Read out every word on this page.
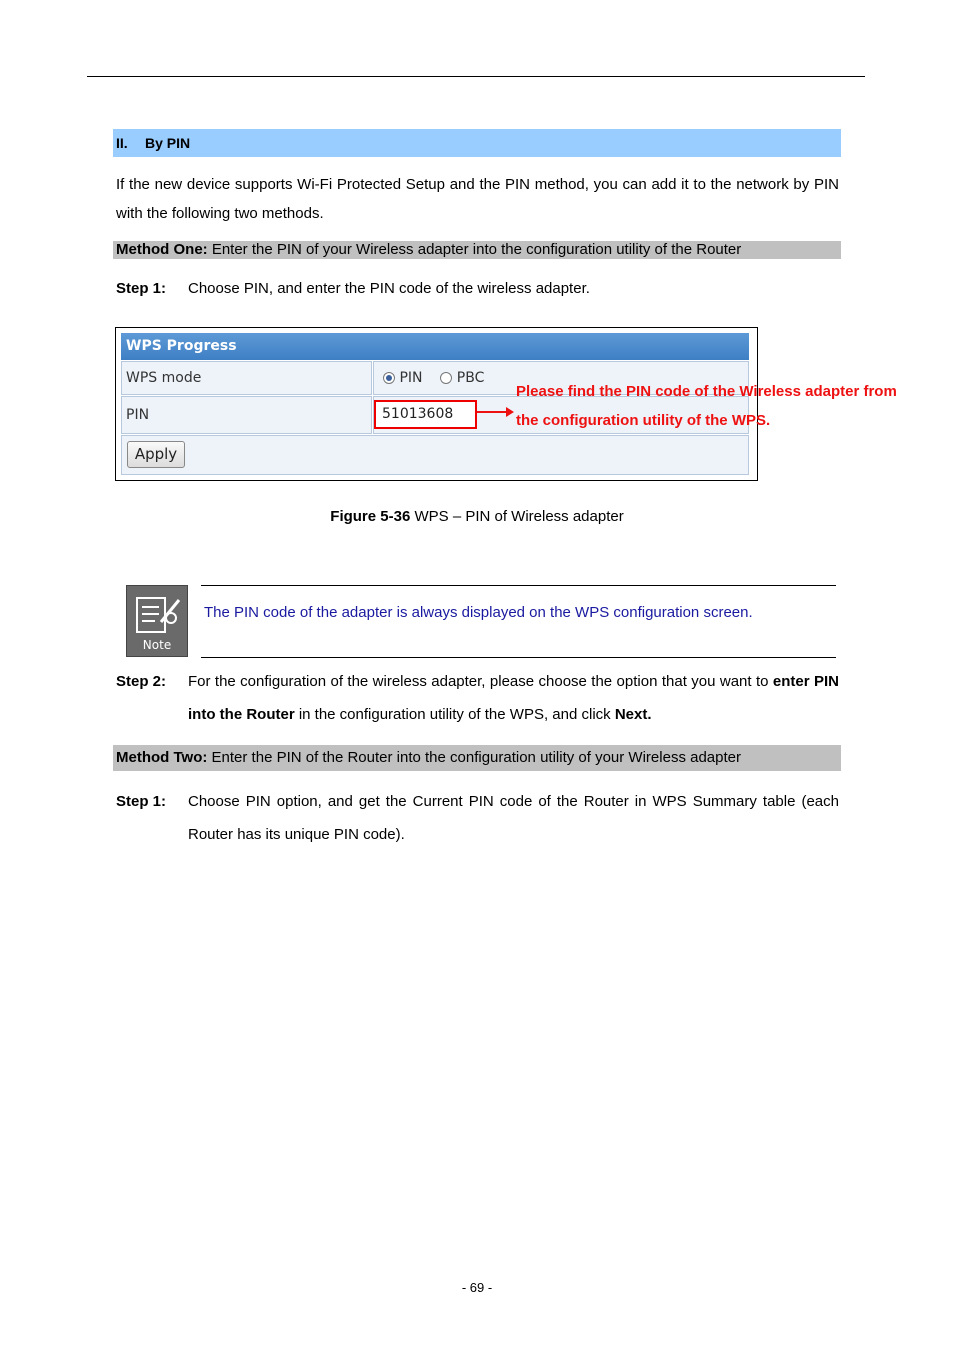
II. By PIN
If the new device supports Wi-Fi Protected Setup and the PIN method, you can add it to the network by PIN with the following two methods.
Method One: Enter the PIN of your Wireless adapter into the configuration utility of the Router
Step 1: Choose PIN, and enter the PIN code of the wireless adapter.
WPS Progress
WPS mode	PIN PBC
PIN	51013608
Apply
Please find the PIN code of the Wireless adapter from
the configuration utility of the WPS.
Figure 5-36 WPS – PIN of Wireless adapter
Note
The PIN code of the adapter is always displayed on the WPS configuration screen.
Step 2: For the configuration of the wireless adapter, please choose the option that you want to enter PIN into the Router in the configuration utility of the WPS, and click Next.
Method Two: Enter the PIN of the Router into the configuration utility of your Wireless adapter
Step 1: Choose PIN option, and get the Current PIN code of the Router in WPS Summary table (each Router has its unique PIN code).
- 69 -
